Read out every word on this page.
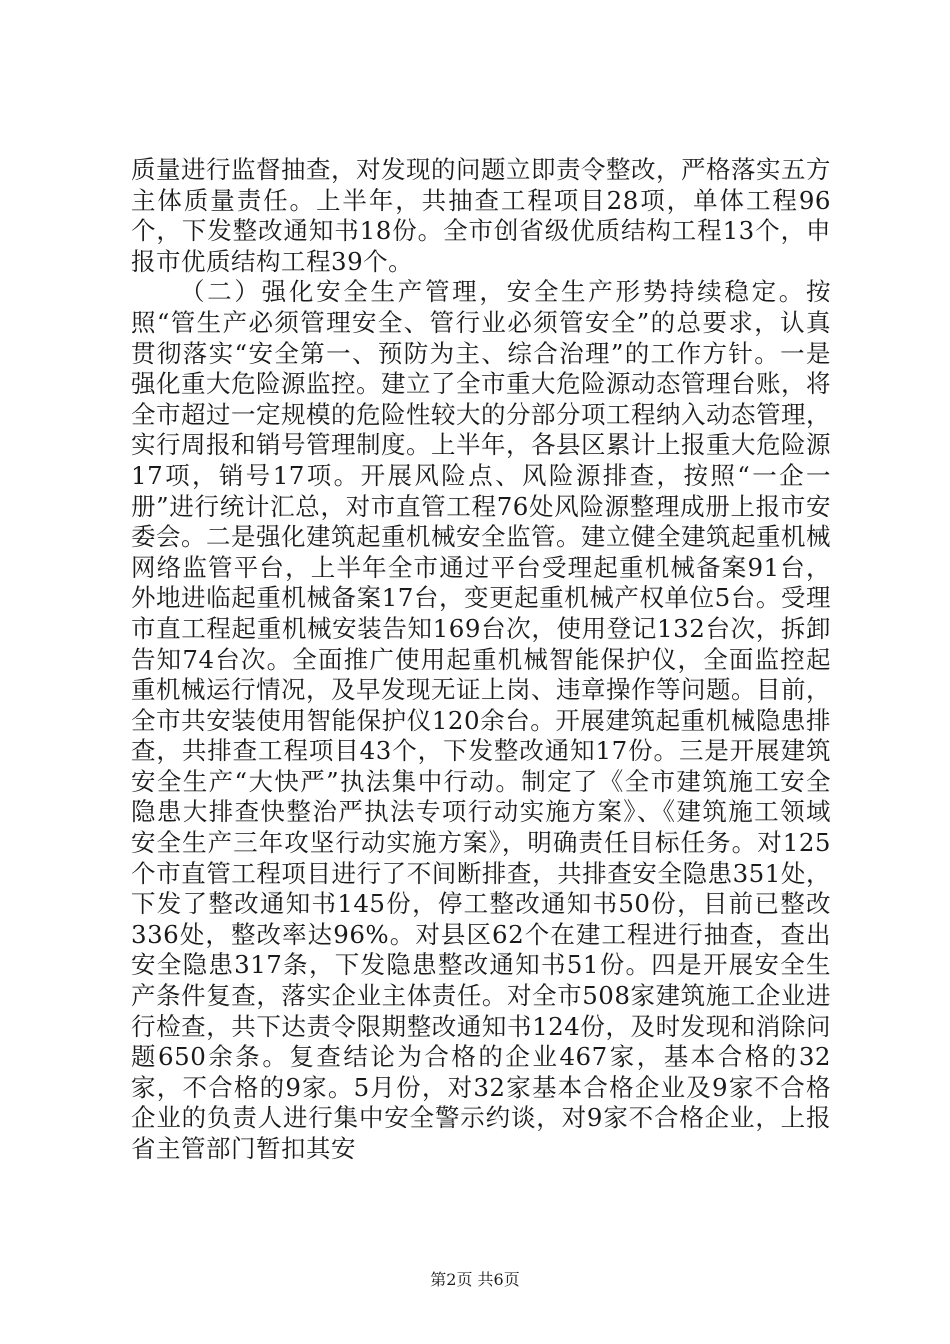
质量进行监督抽查，对发现的问题立即责令整改，严格落实五方主体质量责任。上半年，共抽查工程项目28项，单体工程96个，下发整改通知书18份。全市创省级优质结构工程13个，申报市优质结构工程39个。

（二）强化安全生产管理，安全生产形势持续稳定。按照“管生产必须管理安全、管行业必须管安全”的总要求，认真贯彻落实“安全第一、预防为主、综合治理”的工作方针。一是强化重大危险源监控。建立了全市重大危险源动态管理台账，将全市超过一定规模的危险性较大的分部分项工程纳入动态管理，实行周报和销号管理制度。上半年，各县区累计上报重大危险源17项，销号17项。开展风险点、风险源排查，按照“一企一册”进行统计汇总，对市直管工程76处风险源整理成册上报市安委会。二是强化建筑起重机械安全监管。建立健全建筑起重机械网络监管平台，上半年全市通过平台受理起重机械备案91台，外地进临起重机械备案17台，变更起重机械产权单位5台。受理市直工程起重机械安装告知169台次，使用登记132台次，拆卸告知74台次。全面推广使用起重机械智能保护仪，全面监控起重机械运行情况，及早发现无证上岗、违章操作等问题。目前，全市共安装使用智能保护仪120余台。开展建筑起重机械隐患排查，共排查工程项目43个，下发整改通知17份。三是开展建筑安全生产“大快严”执法集中行动。制定了《全市建筑施工安全隐患大排查快整治严执法专项行动实施方案》、《建筑施工领域安全生产三年攻坚行动实施方案》，明确责任目标任务。对125个市直管工程项目进行了不间断排查，共排查安全隐患351处，下发了整改通知书145份，停工整改通知书50份，目前已整改336处，整改率达96%。对县区62个在建工程进行抽查，查出安全隐患317条，下发隐患整改通知书51份。四是开展安全生产条件复查，落实企业主体责任。对全市508家建筑施工企业进行检查，共下达责令限期整改通知书124份，及时发现和消除问题650余条。复查结论为合格的企业467家，基本合格的32家，不合格的9家。5月份，对32家基本合格企业及9家不合格企业的负责人进行集中安全警示约谈，对9家不合格企业，上报省主管部门暂扣其安

第2页 共6页
